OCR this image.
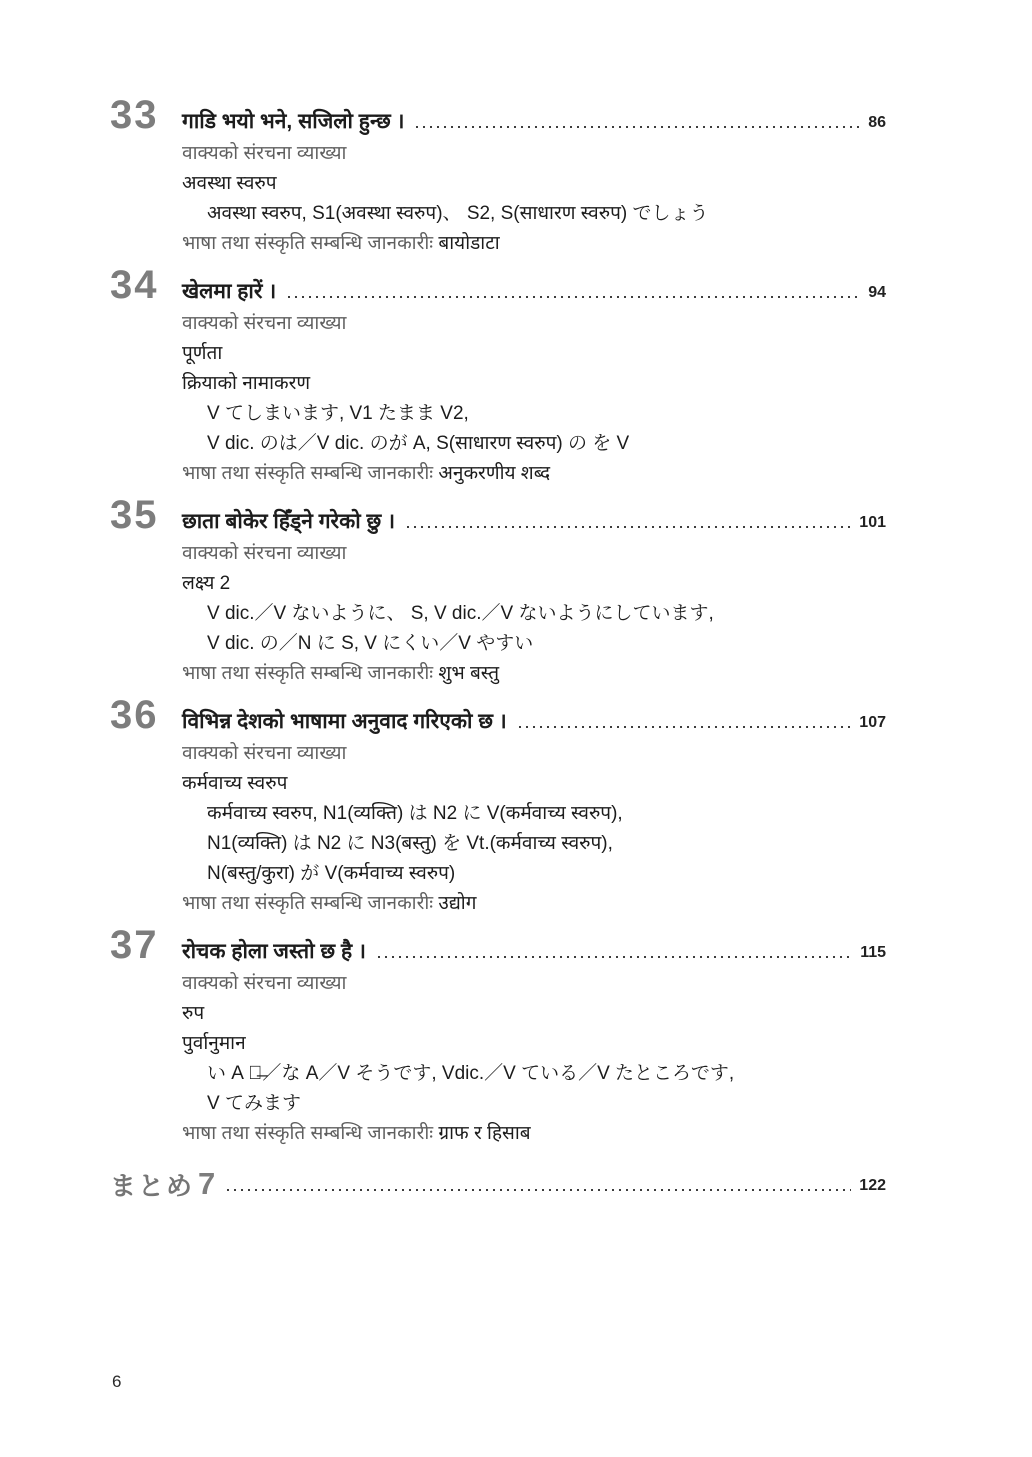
33 गाडि भयो भने, सजिलो हुन्छ ।	86
वाक्यको संरचना व्याख्या
अवस्था स्वरुप
अवस्था स्वरुप, S1(अवस्था स्वरुप)、 S2, S(साधारण स्वरुप) でしょう
भाषा तथा संस्कृति सम्बन्धि जानकारीः बायोडाटा
34 खेलमा हारें ।	94
वाक्यको संरचना व्याख्या
पूर्णता
क्रियाको नामाकरण
V てしまいます, V1 たまま V2,
V dic. のは／V dic. のが A, S(साधारण स्वरुप) の を V
भाषा तथा संस्कृति सम्बन्धि जानकारीः अनुकरणीय शब्द
35 छाता बोकेर हिँड्ने गरेको छु ।	101
वाक्यको संरचना व्याख्या
लक्ष्य 2
V dic.／V ないように、 S, V dic.／V ないようにしています,
V dic. の／N に S, V にくい／V やすい
भाषा तथा संस्कृति सम्बन्धि जानकारीः शुभ बस्तु
36 विभिन्न देशको भाषामा अनुवाद गरिएको छ ।	107
वाक्यको संरचना व्याख्या
कर्मवाच्य स्वरुप
कर्मवाच्य स्वरुप, N1(व्यक्ति) は N2 に V(कर्मवाच्य स्वरुप),
N1(व्यक्ति) は N2 に N3(बस्तु) を Vt.(कर्मवाच्य स्वरुप),
N(बस्तु/कुरा) が V(कर्मवाच्य स्वरुप)
भाषा तथा संस्कृति सम्बन्धि जानकारीः उद्योग
37 रोचक होला जस्तो छ है ।	115
वाक्यको संरचना व्याख्या
रुप
पुर्वानुमान
い A い̶／な A／V そうです, Vdic.／V ている／V たところです,
V てみます
भाषा तथा संस्कृति सम्बन्धि जानकारीः ग्राफ र हिसाब
まとめ 7	122
6
